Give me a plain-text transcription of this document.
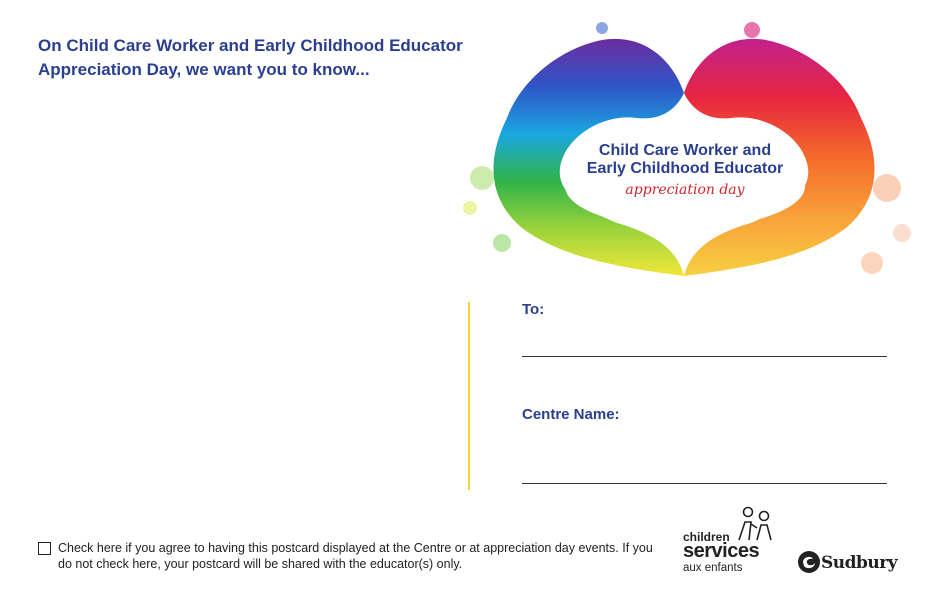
On Child Care Worker and Early Childhood Educator
Appreciation Day, we want you to know...
Child Care Worker and
Early Childhood Educator
appreciation day
To:
Centre Name:
Check here if you agree to having this postcard displayed at the Centre or at appreciation day events. If you do not check here, your postcard will be shared with the educator(s) only.
children
services
aux enfants	Sudbury
